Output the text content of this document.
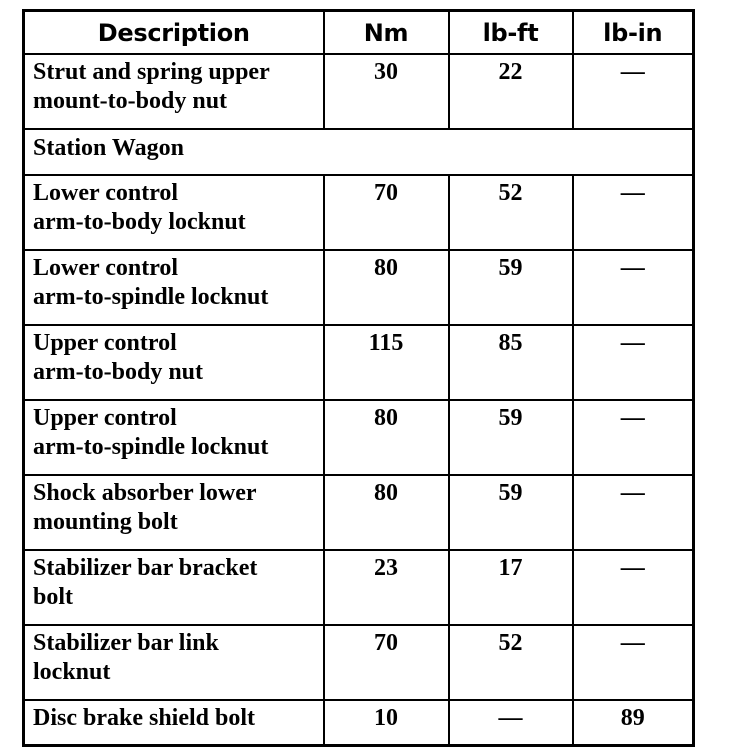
Description	Nm	lb-ft	lb-in
Strut and spring upper
mount-to-body nut	30	22	—
Station Wagon			
Lower control
arm-to-body locknut	70	52	—
Lower control
arm-to-spindle locknut	80	59	—
Upper control
arm-to-body nut	115	85	—
Upper control
arm-to-spindle locknut	80	59	—
Shock absorber lower
mounting bolt	80	59	—
Stabilizer bar bracket
bolt	23	17	—
Stabilizer bar link
locknut	70	52	—
Disc brake shield bolt	10	—	89
